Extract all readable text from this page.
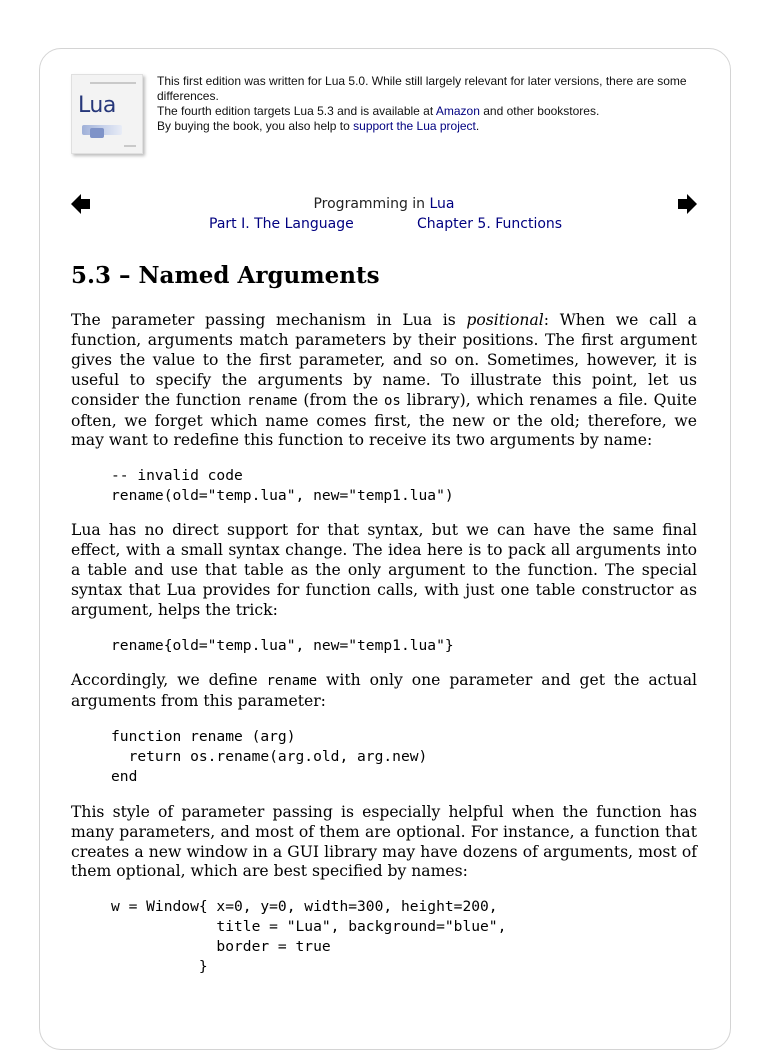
Lua
This first edition was written for Lua 5.0. While still largely relevant for later versions, there are some differences.
The fourth edition targets Lua 5.3 and is available at Amazon and other bookstores.
By buying the book, you also help to support the Lua project.
Programming in Lua
Part I. The Language	Chapter 5. Functions
5.3 – Named Arguments

The parameter passing mechanism in Lua is positional: When we call a function, arguments match parameters by their positions. The first argument gives the value to the first parameter, and so on. Sometimes, however, it is useful to specify the arguments by name. To illustrate this point, let us consider the function rename (from the os library), which renames a file. Quite often, we forget which name comes first, the new or the old; therefore, we may want to redefine this function to receive its two arguments by name:

-- invalid code
rename(old="temp.lua", new="temp1.lua")

Lua has no direct support for that syntax, but we can have the same final effect, with a small syntax change. The idea here is to pack all arguments into a table and use that table as the only argument to the function. The special syntax that Lua provides for function calls, with just one table constructor as argument, helps the trick:

rename{old="temp.lua", new="temp1.lua"}

Accordingly, we define rename with only one parameter and get the actual arguments from this parameter:

function rename (arg)
return os.rename(arg.old, arg.new)
end

This style of parameter passing is especially helpful when the function has many parameters, and most of them are optional. For instance, a function that creates a new window in a GUI library may have dozens of arguments, most of them optional, which are best specified by names:

w = Window{ x=0, y=0, width=300, height=200,
title = "Lua", background="blue",
border = true
}
